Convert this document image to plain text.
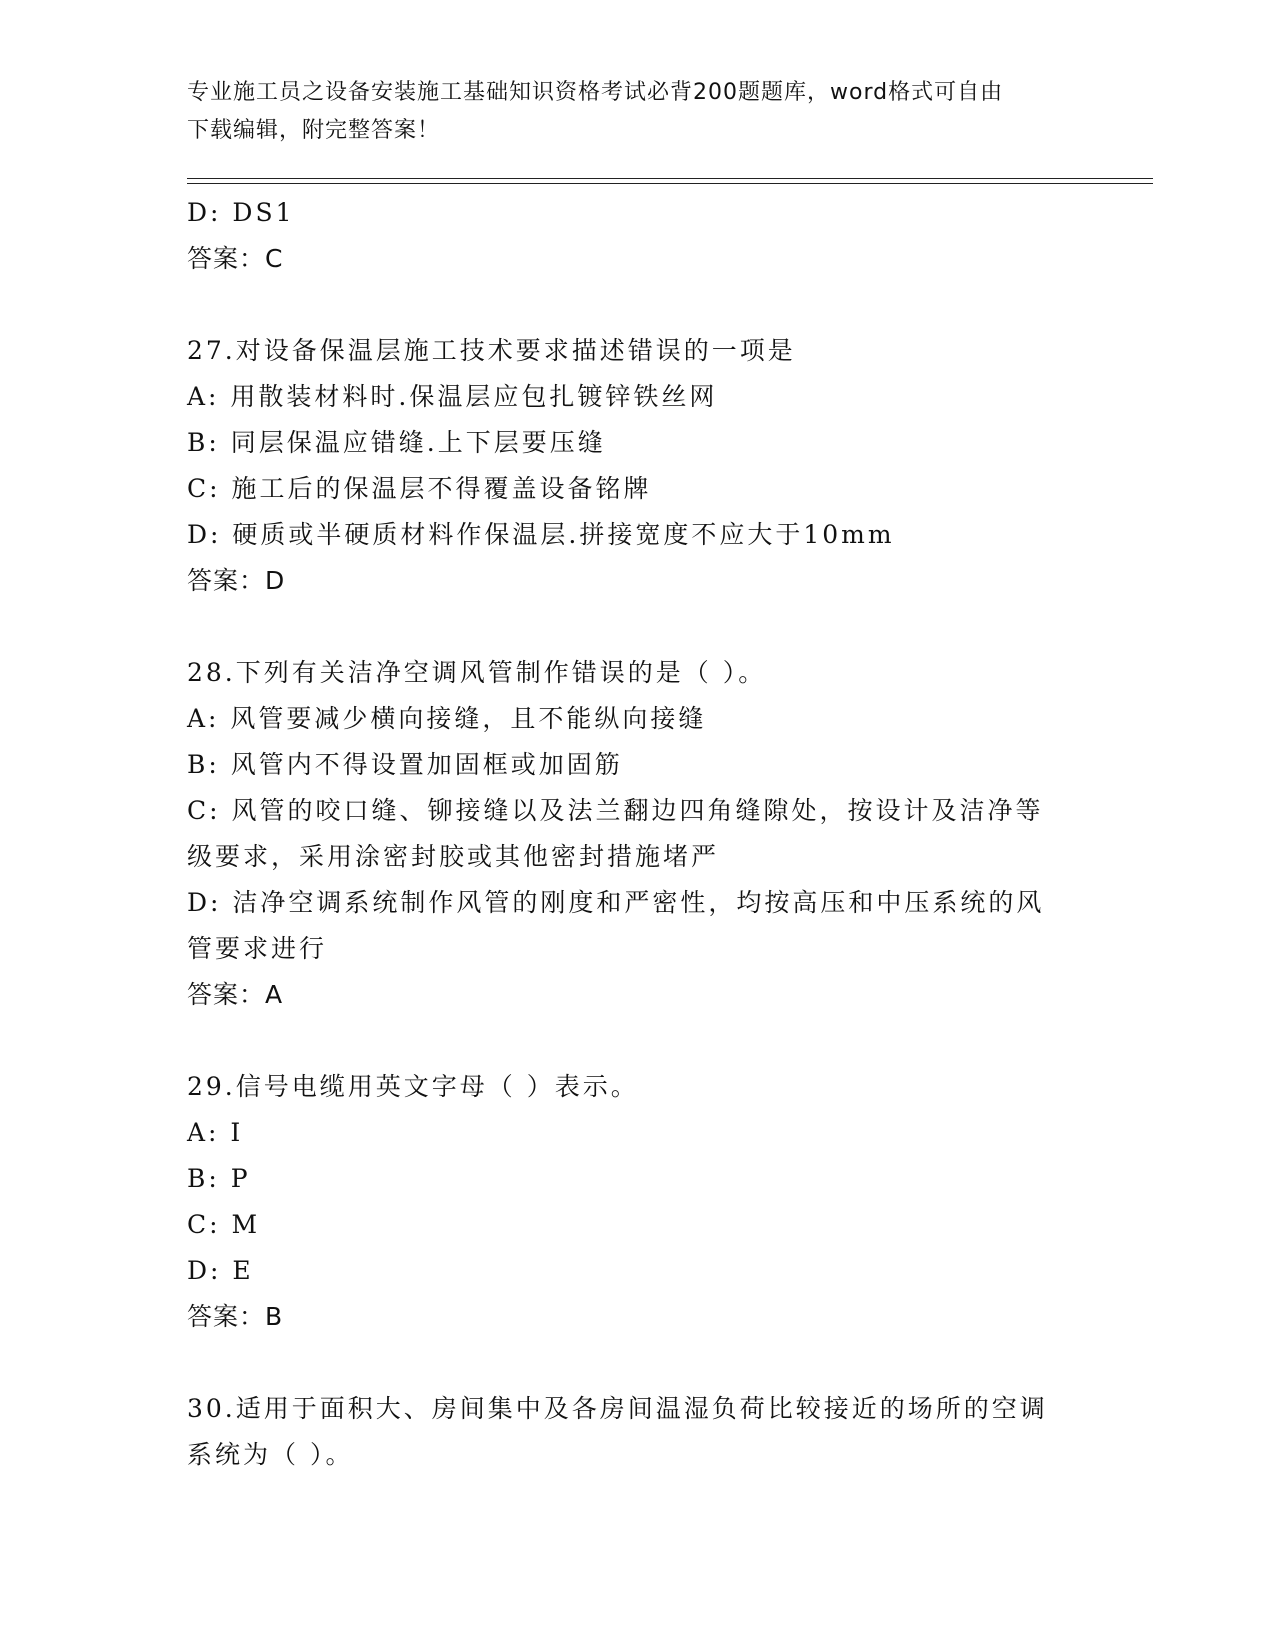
专业施工员之设备安装施工基础知识资格考试必背200题题库，word格式可自由
下载编辑，附完整答案！
D: DS1
答案：C
27.对设备保温层施工技术要求描述错误的一项是
A: 用散装材料时.保温层应包扎镀锌铁丝网
B: 同层保温应错缝.上下层要压缝
C: 施工后的保温层不得覆盖设备铭牌
D: 硬质或半硬质材料作保温层.拼接宽度不应大于10mm
答案：D
28.下列有关洁净空调风管制作错误的是（ ）。
A: 风管要减少横向接缝，且不能纵向接缝
B: 风管内不得设置加固框或加固筋
C: 风管的咬口缝、铆接缝以及法兰翻边四角缝隙处，按设计及洁净等
级要求，采用涂密封胶或其他密封措施堵严
D: 洁净空调系统制作风管的刚度和严密性，均按高压和中压系统的风
管要求进行
答案：A
29.信号电缆用英文字母（ ）表示。
A: I
B: P
C: M
D: E
答案：B
30.适用于面积大、房间集中及各房间温湿负荷比较接近的场所的空调
系统为（ ）。
